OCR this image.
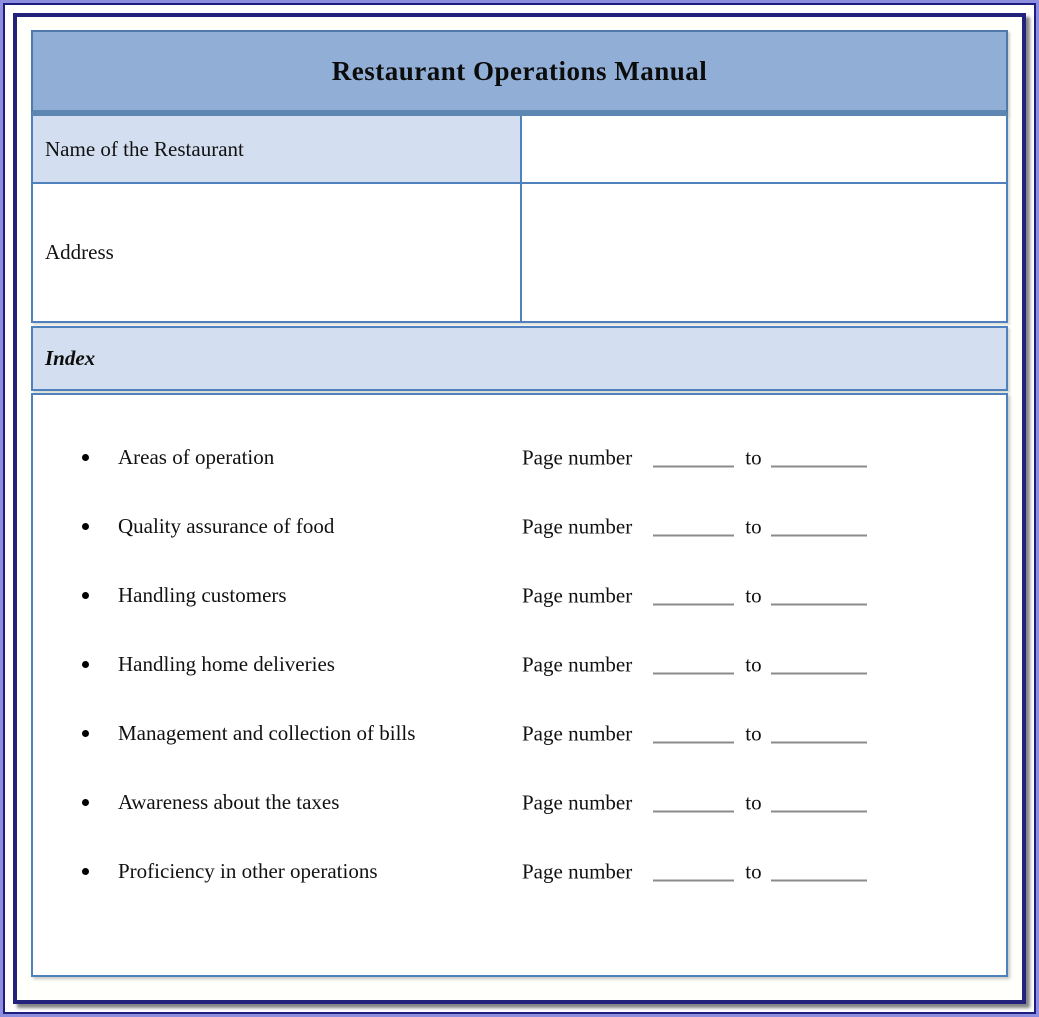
Restaurant Operations Manual
Name of the Restaurant
Address
Index
Areas of operation	Page number	to
Quality assurance of food	Page number	to
Handling customers	Page number	to
Handling home deliveries	Page number	to
Management and collection of bills	Page number	to
Awareness about the taxes	Page number	to
Proficiency in other operations	Page number	to
